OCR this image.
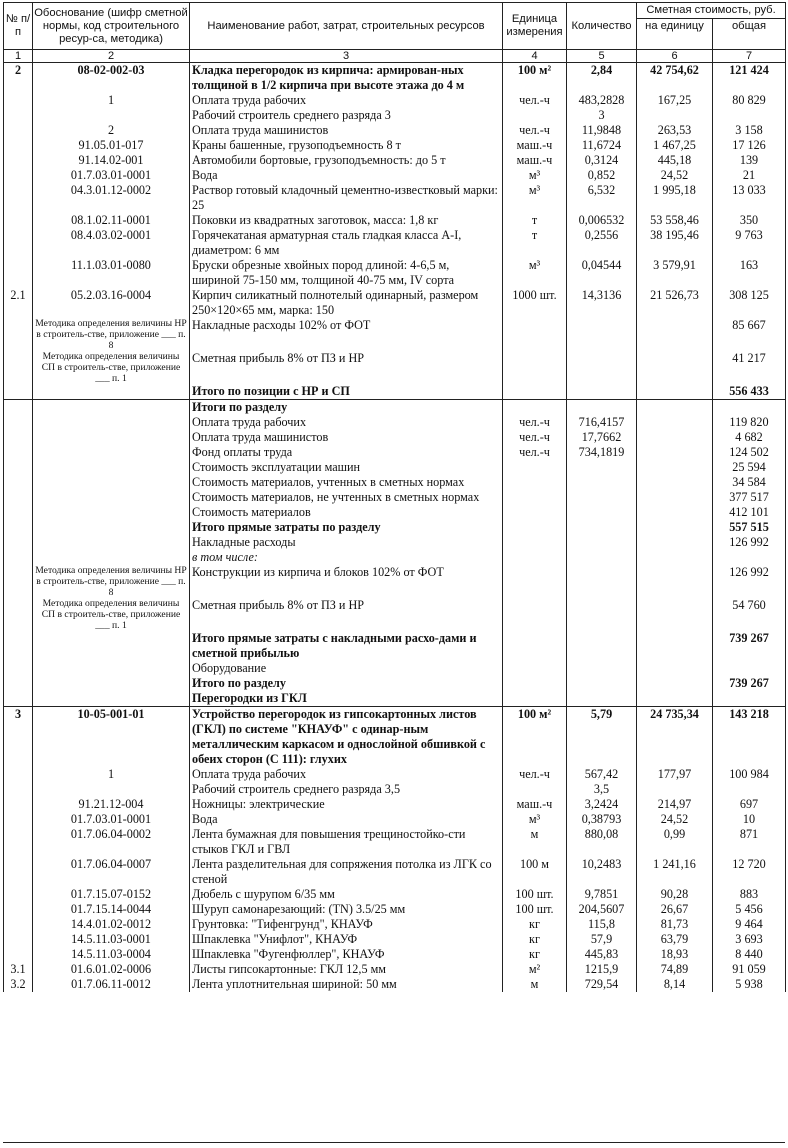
№ п/п	Обоснование (шифр сметной нормы, код строительного ресур-са, методика)	Наименование работ, затрат, строительных ресурсов	Единица измерения	Количество	Сметная стоимость, руб.	
					на единицу	общая
1	2	3	4	5	6	7
2	08-02-002-03	Кладка перегородок из кирпича: армирован-ных толщиной в 1/2 кирпича при высоте этажа до 4 м	100 м²	2,84	42 754,62	121 424
	1	Оплата труда рабочих	чел.-ч	483,2828	167,25	80 829
		Рабочий строитель среднего разряда 3		3		
	2	Оплата труда машинистов	чел.-ч	11,9848	263,53	3 158
	91.05.01-017	Краны башенные, грузоподъемность 8 т	маш.-ч	11,6724	1 467,25	17 126
	91.14.02-001	Автомобили бортовые, грузоподъемность: до 5 т	маш.-ч	0,3124	445,18	139
	01.7.03.01-0001	Вода	м³	0,852	24,52	21
	04.3.01.12-0002	Раствор готовый кладочный цементно-известковый марки: 25	м³	6,532	1 995,18	13 033
	08.1.02.11-0001	Поковки из квадратных заготовок, масса: 1,8 кг	т	0,006532	53 558,46	350
	08.4.03.02-0001	Горячекатаная арматурная сталь гладкая класса А-I, диаметром: 6 мм	т	0,2556	38 195,46	9 763
	11.1.03.01-0080	Бруски обрезные хвойных пород длиной: 4-6,5 м, шириной 75-150 мм, толщиной 40-75 мм, IV сорта	м³	0,04544	3 579,91	163
2.1	05.2.03.16-0004	Кирпич силикатный полнотелый одинарный, размером 250×120×65 мм, марка: 150	1000 шт.	14,3136	21 526,73	308 125
	Методика определения величины НР в строитель-стве, приложение ___ п. 8	Накладные расходы 102% от ФОТ				85 667
	Методика определения величины СП в строитель-стве, приложение ___ п. 1	Сметная прибыль 8% от ПЗ и НР				41 217
		Итого по позиции с НР и СП				556 433
		Итоги по разделу				
		Оплата труда рабочих	чел.-ч	716,4157		119 820
		Оплата труда машинистов	чел.-ч	17,7662		4 682
		Фонд оплаты труда	чел.-ч	734,1819		124 502
		Стоимость эксплуатации машин				25 594
		Стоимость материалов, учтенных в сметных нормах				34 584
		Стоимость материалов, не учтенных в сметных нормах				377 517
		Стоимость материалов				412 101
		Итого прямые затраты по разделу				557 515
		Накладные расходы				126 992
		в том числе:				
	Методика определения величины НР в строитель-стве, приложение ___ п. 8	Конструкции из кирпича и блоков 102% от ФОТ				126 992
	Методика определения величины СП в строитель-стве, приложение ___ п. 1	Сметная прибыль 8% от ПЗ и НР				54 760
		Итого прямые затраты с накладными расхо-дами и сметной прибылью				739 267
		Оборудование				
		Итого по разделу				739 267
		Перегородки из ГКЛ				
3	10-05-001-01	Устройство перегородок из гипсокартонных листов (ГКЛ) по системе "КНАУФ" с одинар-ным металлическим каркасом и однослойной обшивкой с обеих сторон (С 111): глухих	100 м²	5,79	24 735,34	143 218
	1	Оплата труда рабочих	чел.-ч	567,42	177,97	100 984
		Рабочий строитель среднего разряда 3,5		3,5		
	91.21.12-004	Ножницы: электрические	маш.-ч	3,2424	214,97	697
	01.7.03.01-0001	Вода	м³	0,38793	24,52	10
	01.7.06.04-0002	Лента бумажная для повышения трещиностойко-сти стыков ГКЛ и ГВЛ	м	880,08	0,99	871
	01.7.06.04-0007	Лента разделительная для сопряжения потолка из ЛГК со стеной	100 м	10,2483	1 241,16	12 720
	01.7.15.07-0152	Дюбель с шурупом 6/35 мм	100 шт.	9,7851	90,28	883
	01.7.15.14-0044	Шуруп самонарезающий: (TN) 3.5/25 мм	100 шт.	204,5607	26,67	5 456
	14.4.01.02-0012	Грунтовка: "Тифенгрунд", КНАУФ	кг	115,8	81,73	9 464
	14.5.11.03-0001	Шпаклевка "Унифлот", КНАУФ	кг	57,9	63,79	3 693
	14.5.11.03-0004	Шпаклевка "Фугенфюллер", КНАУФ	кг	445,83	18,93	8 440
3.1	01.6.01.02-0006	Листы гипсокартонные: ГКЛ 12,5 мм	м²	1215,9	74,89	91 059
3.2	01.7.06.11-0012	Лента уплотнительная шириной: 50 мм	м	729,54	8,14	5 938
